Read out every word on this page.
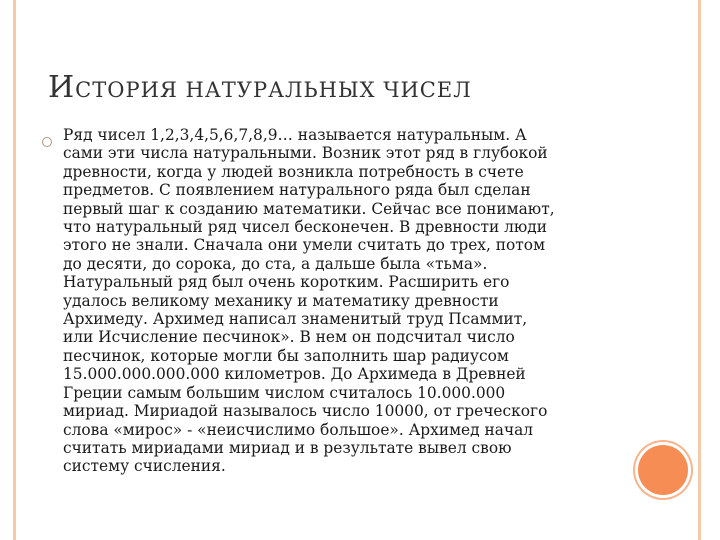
ИСТОРИЯ НАТУРАЛЬНЫХ ЧИСЕЛ

Ряд чисел 1,2,3,4,5,6,7,8,9… называется натуральным. А
сами эти числа натуральными. Возник этот ряд в глубокой
древности, когда у людей возникла потребность в счете
предметов. С появлением натурального ряда был сделан
первый шаг к созданию математики. Сейчас все понимают,
что натуральный ряд чисел бесконечен. В древности люди
этого не знали. Сначала они умели считать до трех, потом
до десяти, до сорока, до ста, а дальше была «тьма».
Натуральный ряд был очень коротким. Расширить его
удалось великому механику и математику древности
Архимеду. Архимед написал знаменитый труд Псаммит,
или Исчисление песчинок». В нем он подсчитал число
песчинок, которые могли бы заполнить шар радиусом
15.000.000.000.000 километров. До Архимеда в Древней
Греции самым большим числом считалось 10.000.000
мириад. Мириадой называлось число 10000, от греческого
слова «мирос» - «неисчислимо большое». Архимед начал
считать мириадами мириад и в результате вывел свою
систему счисления.
